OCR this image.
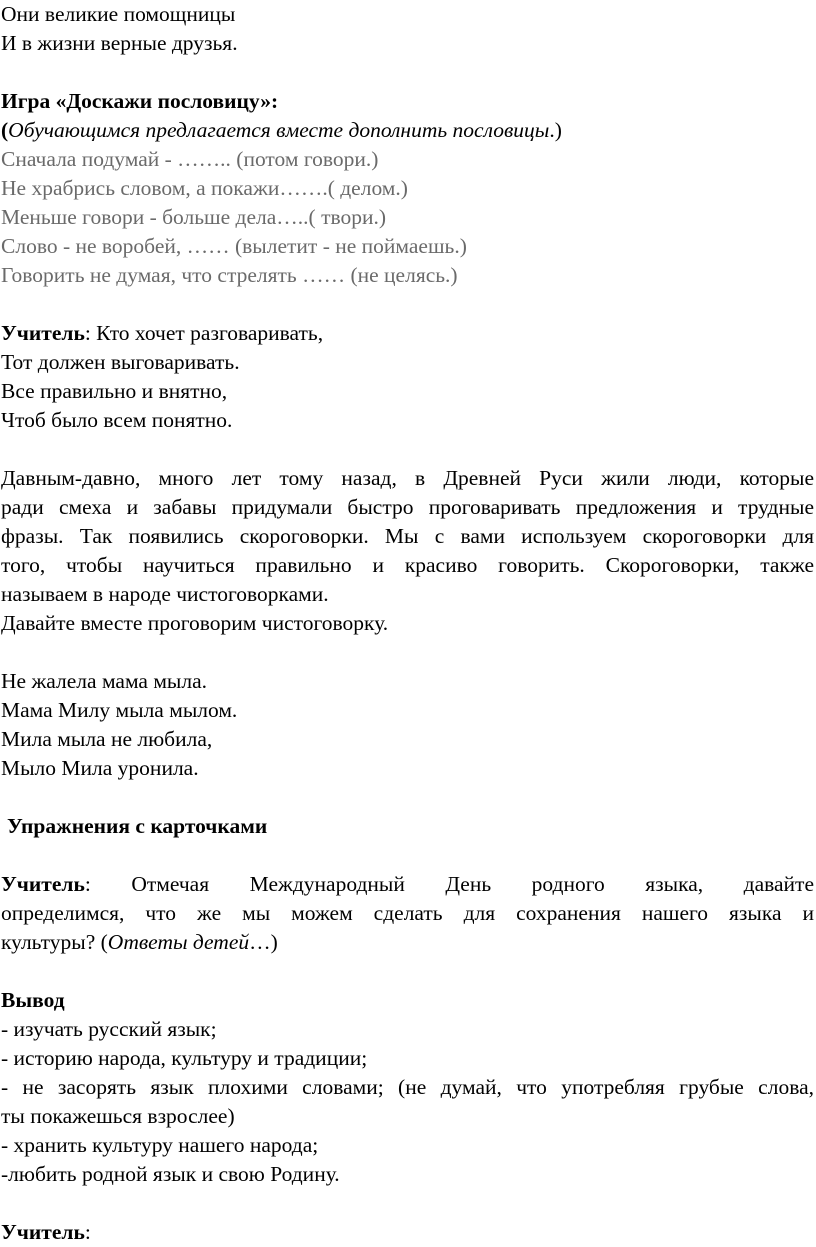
Они великие помощницы
И в жизни верные друзья.
Игра «Доскажи пословицу»:
(Обучающимся предлагается вместе дополнить пословицы.)
Сначала подумай - …….. (потом говори.)
Не храбрись словом, а покажи…….( делом.)
Меньше говори - больше дела…..( твори.)
Слово - не воробей, …… (вылетит - не поймаешь.)
Говорить не думая, что стрелять …… (не целясь.)
Учитель: Кто хочет разговаривать,
Тот должен выговаривать.
Все правильно и внятно,
Чтоб было всем понятно.
Давным-давно, много лет тому назад, в Древней Руси жили люди, которые
ради смеха и забавы придумали быстро проговаривать предложения и трудные
фразы. Так появились скороговорки. Мы с вами используем скороговорки для
того, чтобы научиться правильно и красиво говорить. Скороговорки, также
называем в народе чистоговорками.
Давайте вместе проговорим чистоговорку.
Не жалела мама мыла.
Мама Милу мыла мылом.
Мила мыла не любила,
Мыло Мила уронила.
Упражнения с карточками
Учитель: Отмечая Международный День родного языка, давайте
определимся, что же мы можем сделать для сохранения нашего языка и
культуры? (Ответы детей…)
Вывод
- изучать русский язык;
- историю народа, культуру и традиции;
- не засорять язык плохими словами; (не думай, что употребляя грубые слова,
ты покажешься взрослее)
- хранить культуру нашего народа;
-любить родной язык и свою Родину.
Учитель:
